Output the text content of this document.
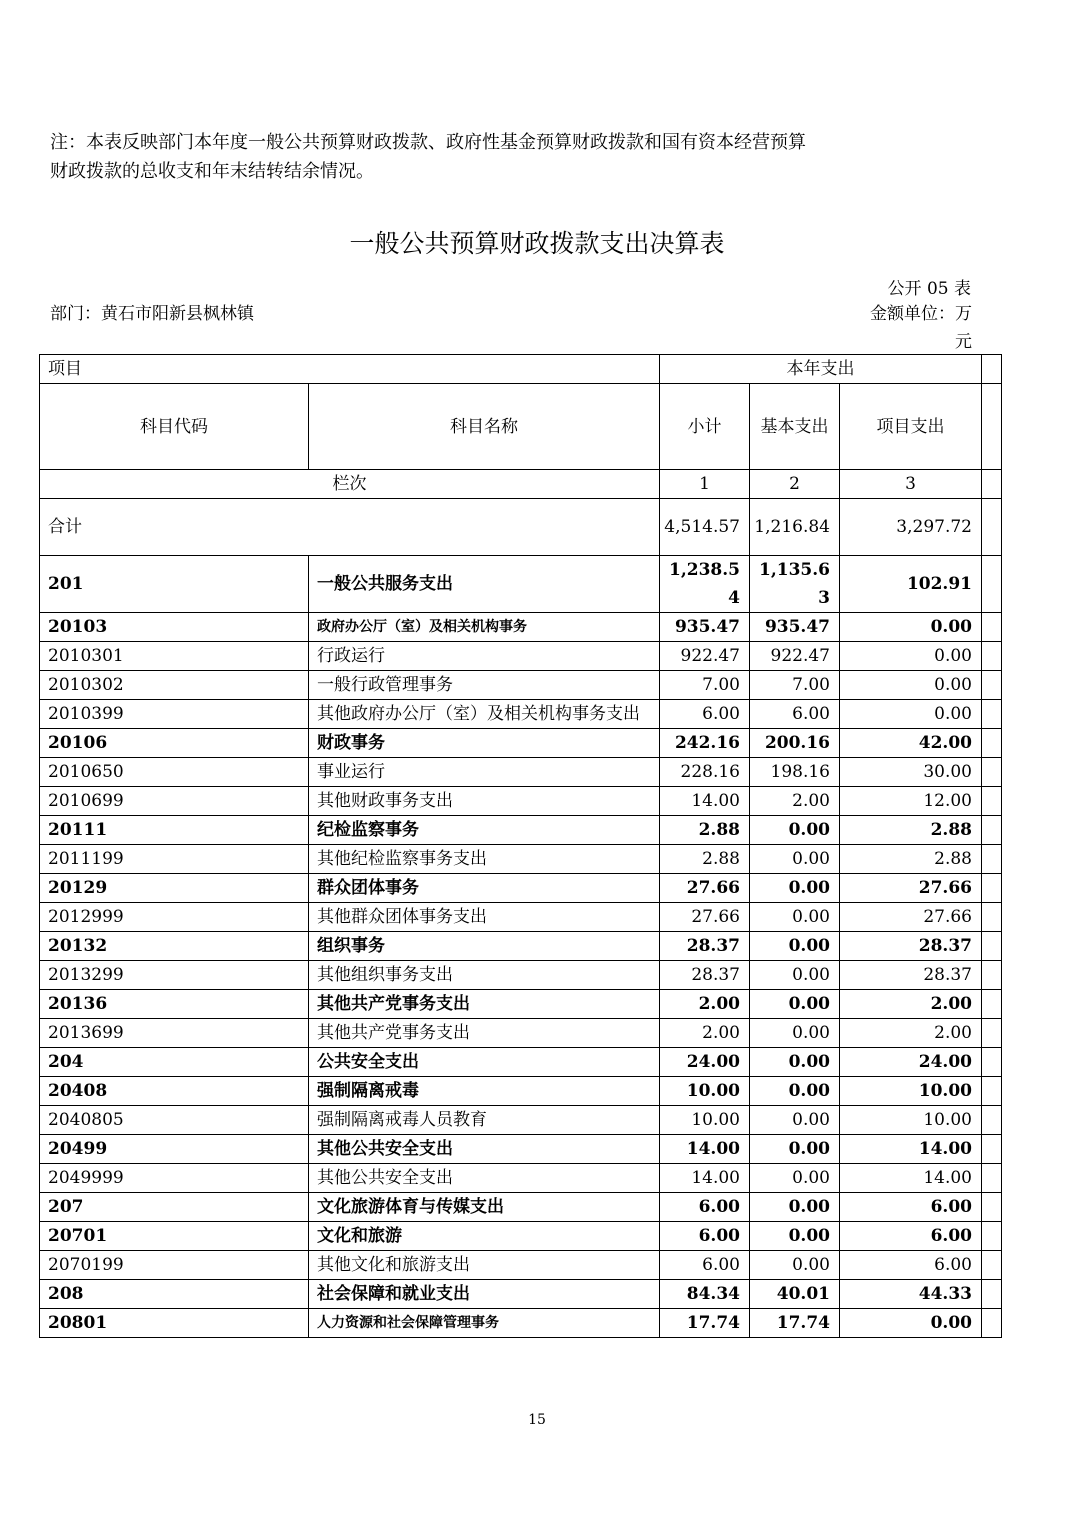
注：本表反映部门本年度一般公共预算财政拨款、政府性基金预算财政拨款和国有资本经营预算

财政拨款的总收支和年末结转结余情况。

一般公共预算财政拨款支出决算表
公开 05 表
部门：黄石市阳新县枫林镇	金额单位：万
元
项目		本年支出			
科目代码	科目名称	小计	基本支出	项目支出	
栏次		1	2	3	
合计		4,514.57	1,216.84	3,297.72	
201	一般公共服务支出	1,238.54	1,135.63	102.91	
20103	政府办公厅（室）及相关机构事务	935.47	935.47	0.00	
2010301	行政运行	922.47	922.47	0.00	
2010302	一般行政管理事务	7.00	7.00	0.00	
2010399	其他政府办公厅（室）及相关机构事务支出	6.00	6.00	0.00	
20106	财政事务	242.16	200.16	42.00	
2010650	事业运行	228.16	198.16	30.00	
2010699	其他财政事务支出	14.00	2.00	12.00	
20111	纪检监察事务	2.88	0.00	2.88	
2011199	其他纪检监察事务支出	2.88	0.00	2.88	
20129	群众团体事务	27.66	0.00	27.66	
2012999	其他群众团体事务支出	27.66	0.00	27.66	
20132	组织事务	28.37	0.00	28.37	
2013299	其他组织事务支出	28.37	0.00	28.37	
20136	其他共产党事务支出	2.00	0.00	2.00	
2013699	其他共产党事务支出	2.00	0.00	2.00	
204	公共安全支出	24.00	0.00	24.00	
20408	强制隔离戒毒	10.00	0.00	10.00	
2040805	强制隔离戒毒人员教育	10.00	0.00	10.00	
20499	其他公共安全支出	14.00	0.00	14.00	
2049999	其他公共安全支出	14.00	0.00	14.00	
207	文化旅游体育与传媒支出	6.00	0.00	6.00	
20701	文化和旅游	6.00	0.00	6.00	
2070199	其他文化和旅游支出	6.00	0.00	6.00	
208	社会保障和就业支出	84.34	40.01	44.33	
20801	人力资源和社会保障管理事务	17.74	17.74	0.00	
15
